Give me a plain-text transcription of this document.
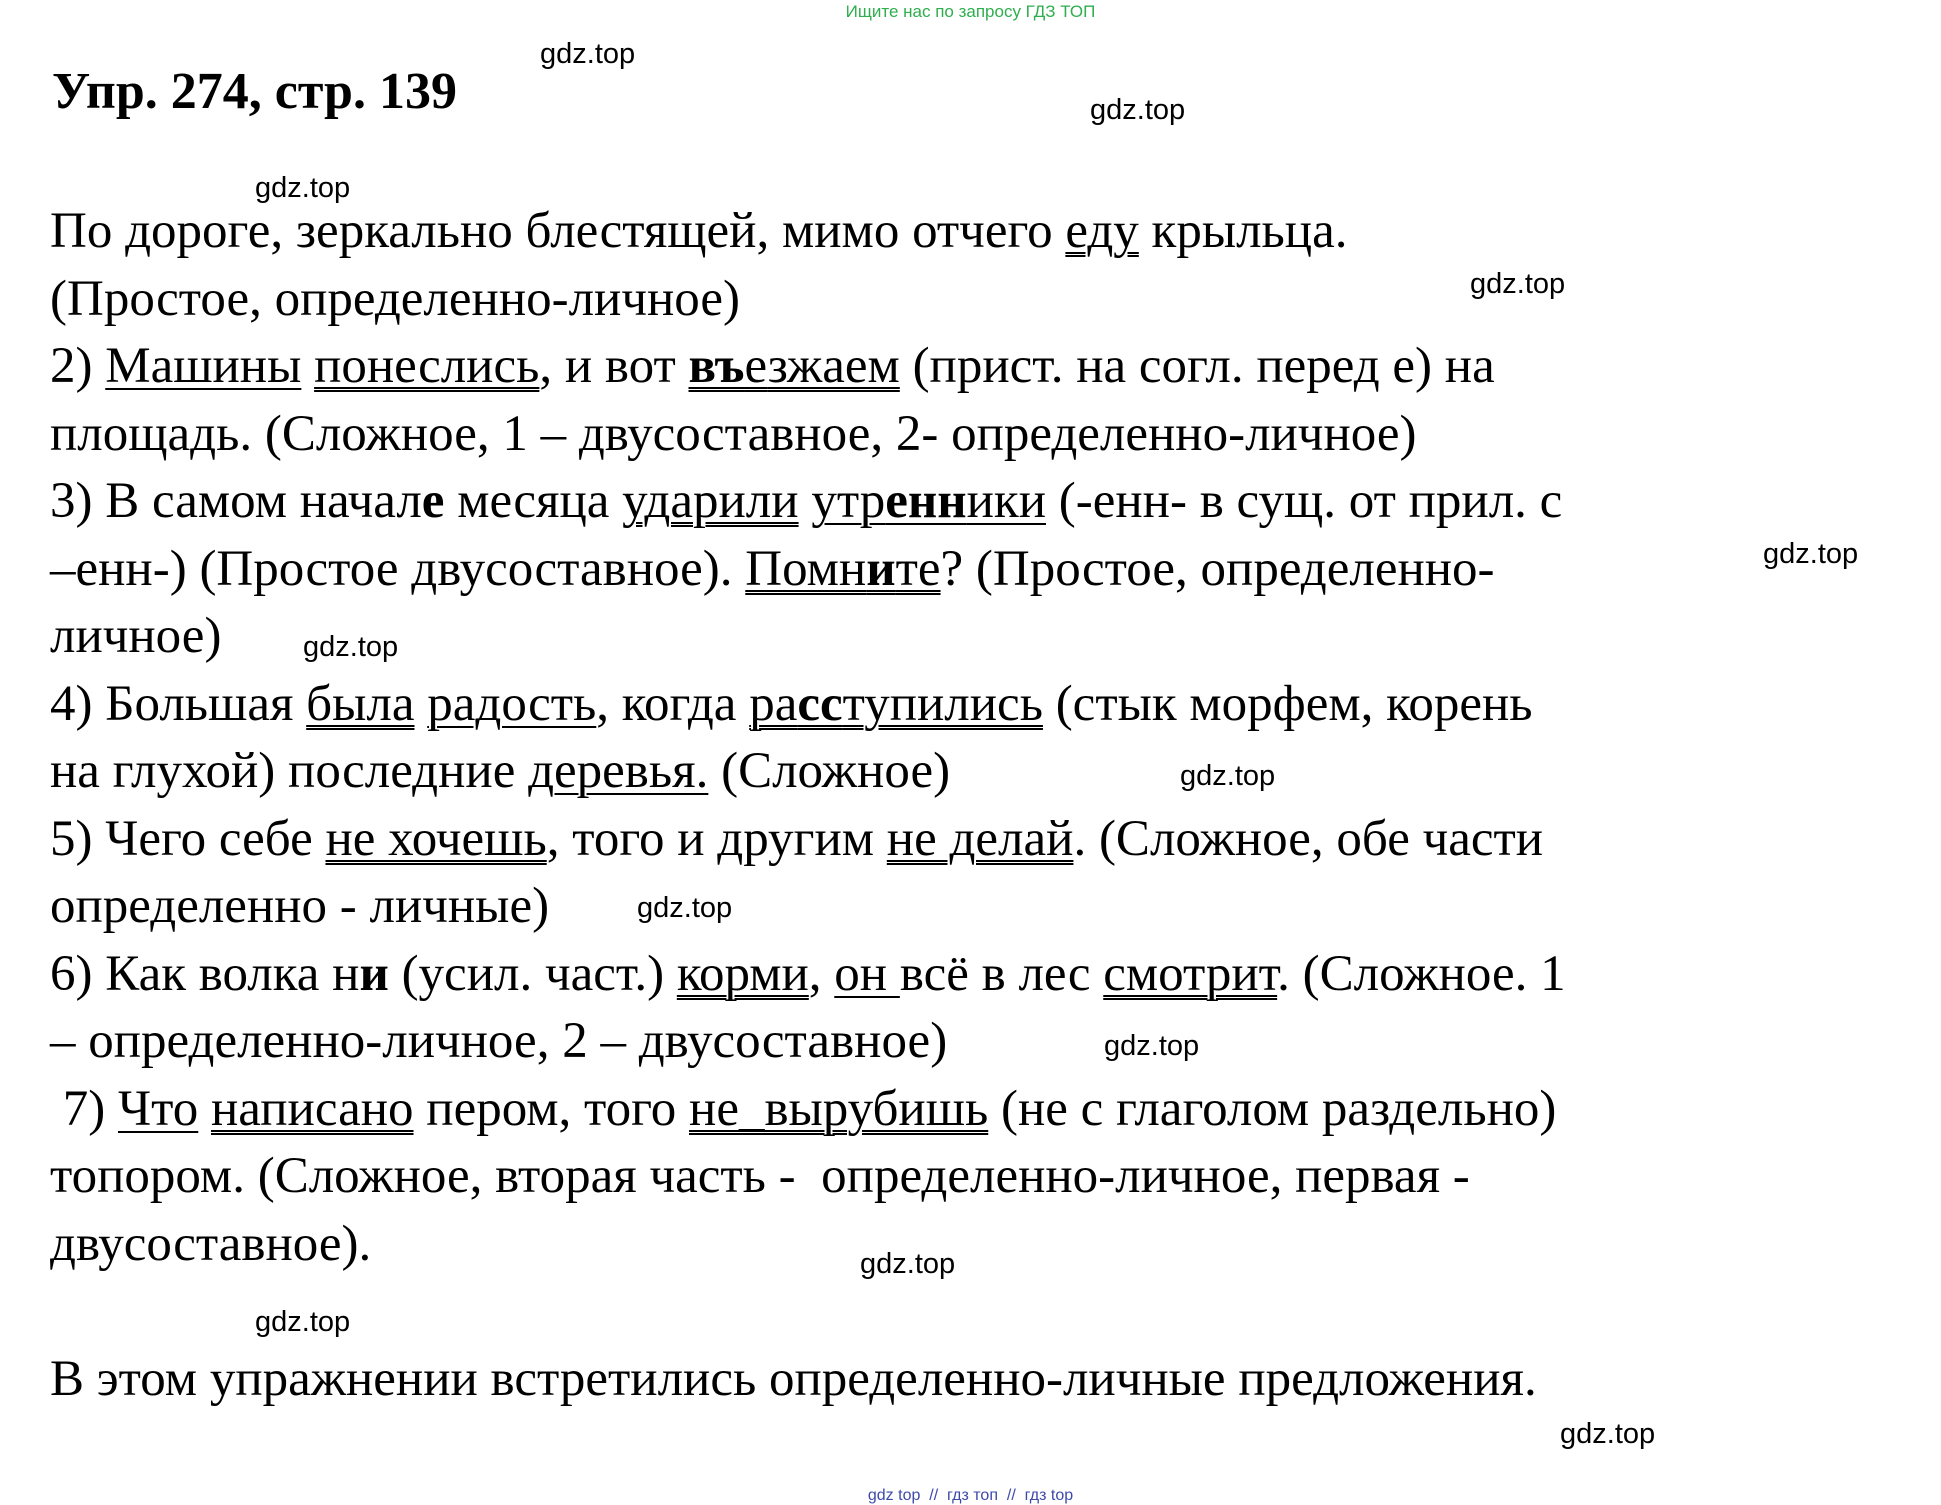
Ищите нас по запросу ГДЗ ТОП
Упр. 274, стр. 139
gdz.top
gdz.top
gdz.top
gdz.top
gdz.top
gdz.top
gdz.top
gdz.top
gdz.top
gdz.top
gdz.top
gdz.top
По дороге, зеркально блестящей, мимо отчего еду крыльца.
(Простое, определенно-личное)
2) Машины понеслись, и вот въезжаем (прист. на согл. перед е) на
площадь. (Сложное, 1 – двусоставное, 2- определенно-личное)
3) В самом начале месяца ударили утренники (-енн- в сущ. от прил. с
–енн-) (Простое двусоставное). Помните? (Простое, определенно-
личное)
4) Большая была радость, когда расступились (стык морфем, корень
на глухой) последние деревья. (Сложное)
5) Чего себе не хочешь, того и другим не делай. (Сложное, обе части
определенно - личные)
6) Как волка ни (усил. част.) корми, он всё в лес смотрит. (Сложное. 1
– определенно-личное, 2 – двусоставное)
7) Что написано пером, того не_вырубишь (не с глаголом раздельно)
топором. (Сложное, вторая часть -  определенно-личное, первая -
двусоставное).
В этом упражнении встретились определенно-личные предложения.
gdz top  //  гдз топ  //  гдз top
